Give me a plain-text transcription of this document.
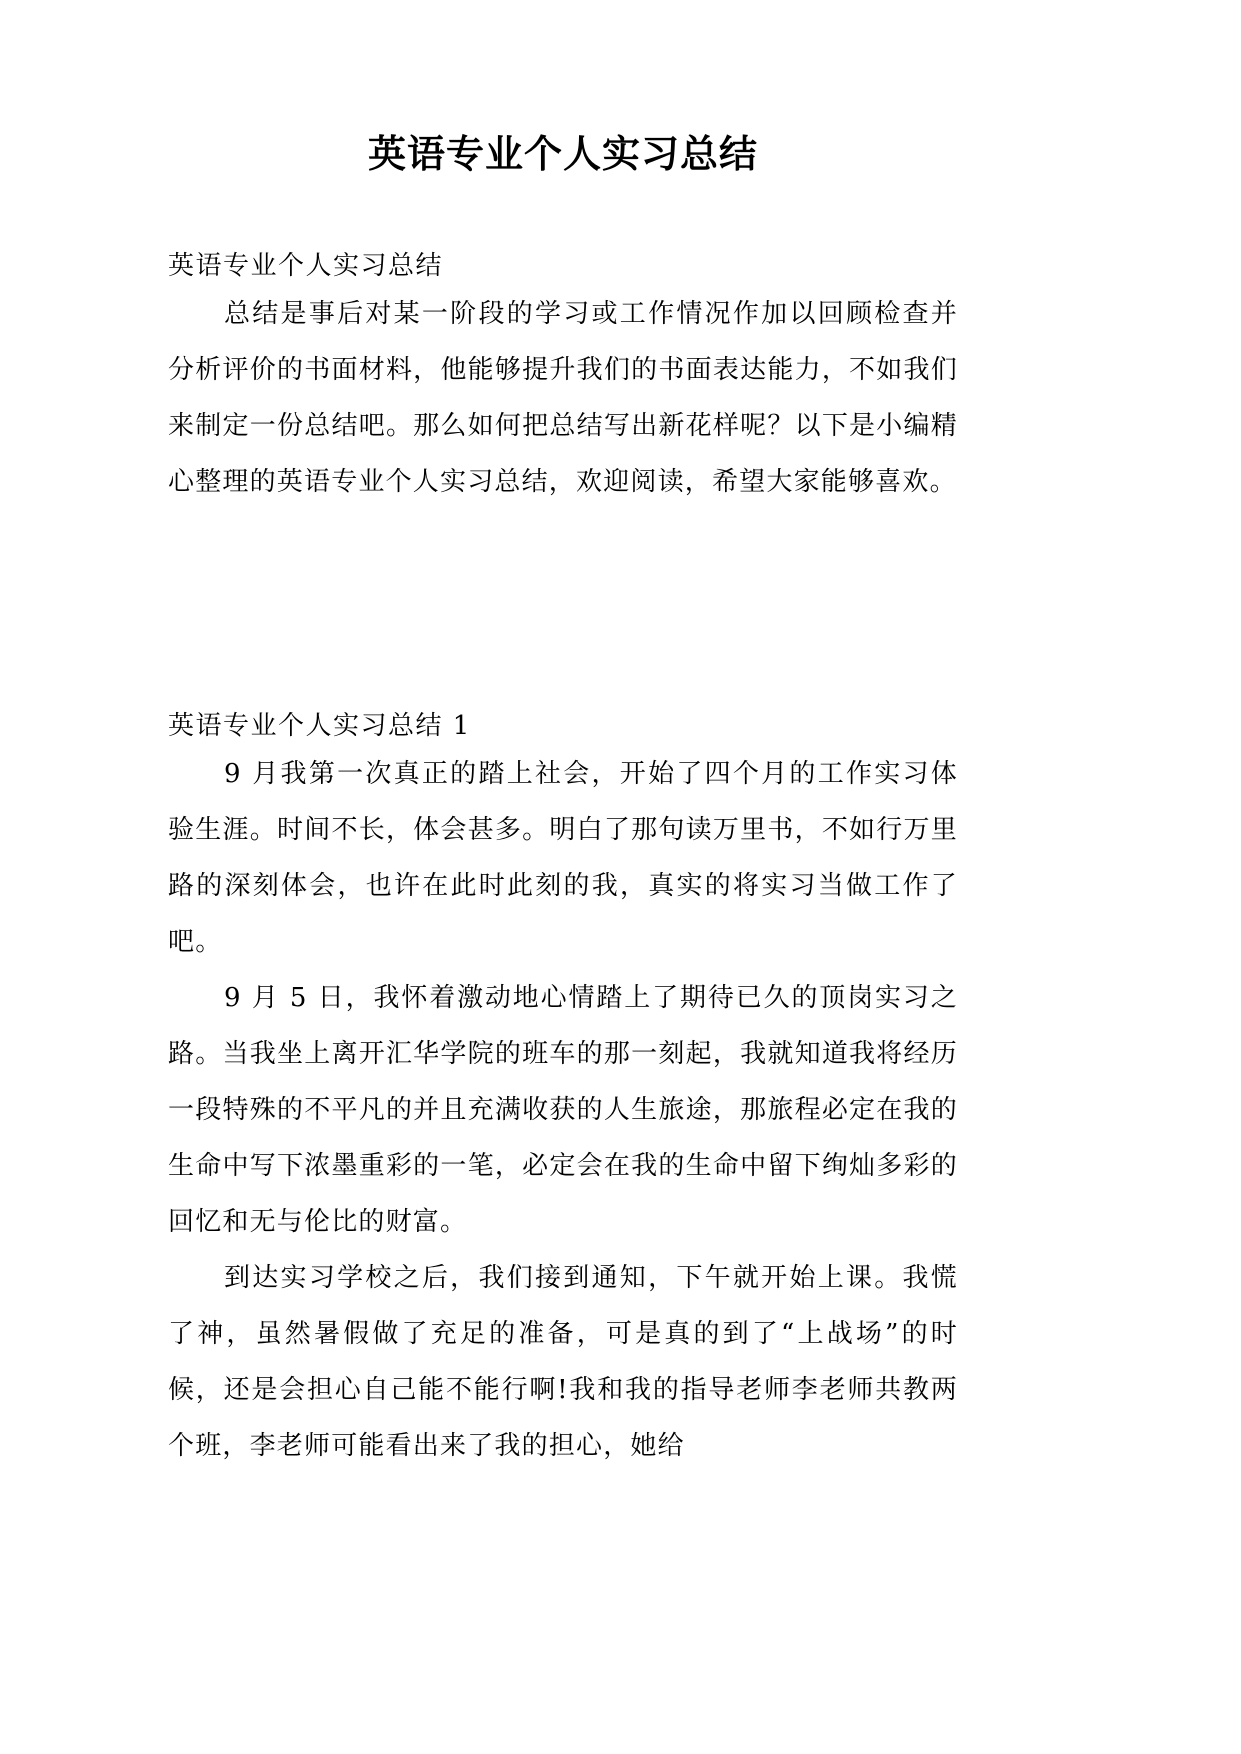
英语专业个人实习总结
英语专业个人实习总结

总结是事后对某一阶段的学习或工作情况作加以回顾检查并分析评价的书面材料，他能够提升我们的书面表达能力，不如我们来制定一份总结吧。那么如何把总结写出新花样呢？以下是小编精心整理的英语专业个人实习总结，欢迎阅读，希望大家能够喜欢。

英语专业个人实习总结 1

9 月我第一次真正的踏上社会，开始了四个月的工作实习体验生涯。时间不长，体会甚多。明白了那句读万里书，不如行万里路的深刻体会，也许在此时此刻的我，真实的将实习当做工作了吧。

9 月 5 日，我怀着激动地心情踏上了期待已久的顶岗实习之路。当我坐上离开汇华学院的班车的那一刻起，我就知道我将经历一段特殊的不平凡的并且充满收获的人生旅途，那旅程必定在我的生命中写下浓墨重彩的一笔，必定会在我的生命中留下绚灿多彩的回忆和无与伦比的财富。

到达实习学校之后，我们接到通知，下午就开始上课。我慌了神，虽然暑假做了充足的准备，可是真的到了“上战场”的时候，还是会担心自己能不能行啊!我和我的指导老师李老师共教两个班，李老师可能看出来了我的担心，她给
